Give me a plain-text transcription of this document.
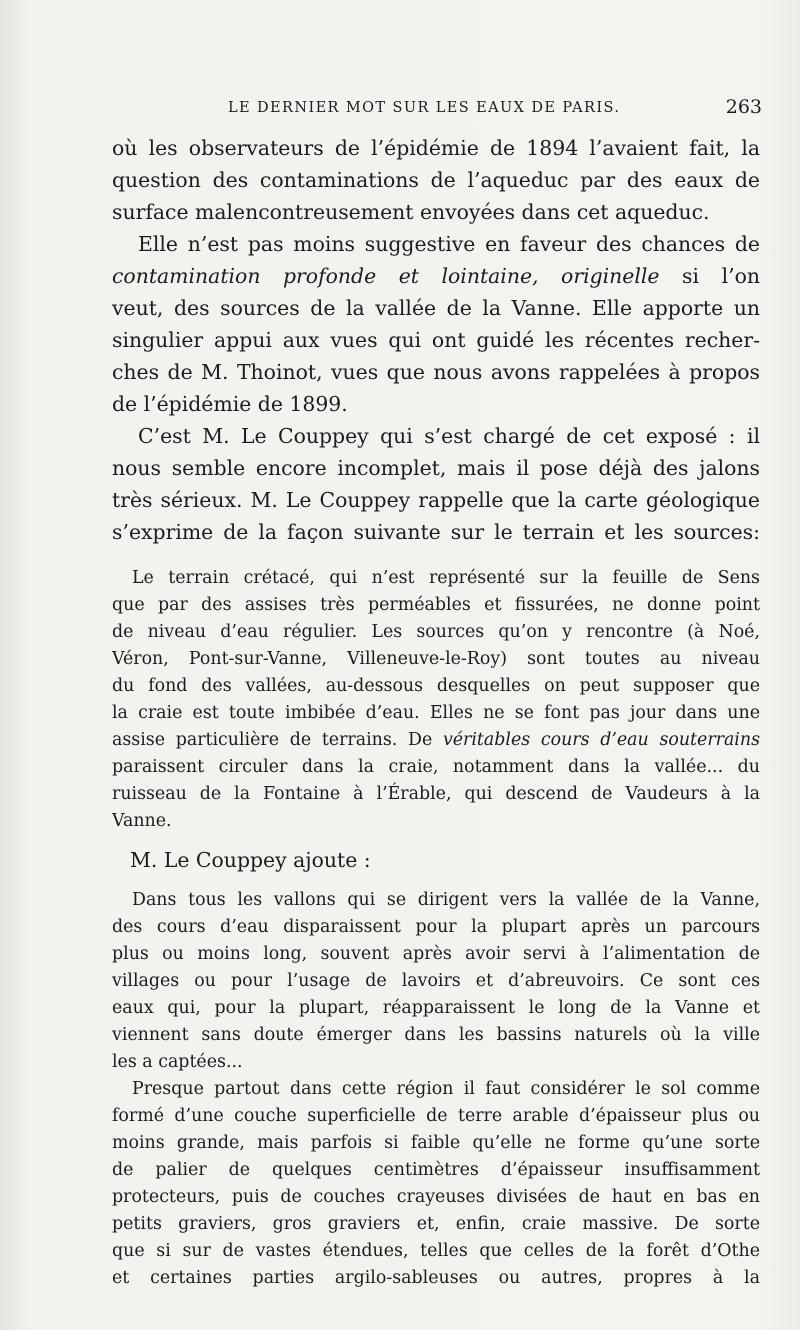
LE DERNIER MOT SUR LES EAUX DE PARIS.	263
où les observateurs de l’épidémie de 1894 l’avaient fait, la
question des contaminations de l’aqueduc par des eaux de
surface malencontreusement envoyées dans cet aqueduc.
Elle n’est pas moins suggestive en faveur des chances de
contamination profonde et lointaine, originelle si l’on
veut, des sources de la vallée de la Vanne. Elle apporte un
singulier appui aux vues qui ont guidé les récentes recher-
ches de M. Thoinot, vues que nous avons rappelées à propos
de l’épidémie de 1899.
C’est M. Le Couppey qui s’est chargé de cet exposé : il
nous semble encore incomplet, mais il pose déjà des jalons
très sérieux. M. Le Couppey rappelle que la carte géologique
s’exprime de la façon suivante sur le terrain et les sources:
Le terrain crétacé, qui n’est représenté sur la feuille de Sens
que par des assises très perméables et fissurées, ne donne point
de niveau d’eau régulier. Les sources qu’on y rencontre (à Noé,
Véron, Pont-sur-Vanne, Villeneuve-le-Roy) sont toutes au niveau
du fond des vallées, au-dessous desquelles on peut supposer que
la craie est toute imbibée d’eau. Elles ne se font pas jour dans une
assise particulière de terrains. De véritables cours d’eau souterrains
paraissent circuler dans la craie, notamment dans la vallée... du
ruisseau de la Fontaine à l’Érable, qui descend de Vaudeurs à la
Vanne.
M. Le Couppey ajoute :
Dans tous les vallons qui se dirigent vers la vallée de la Vanne,
des cours d’eau disparaissent pour la plupart après un parcours
plus ou moins long, souvent après avoir servi à l’alimentation de
villages ou pour l’usage de lavoirs et d’abreuvoirs. Ce sont ces
eaux qui, pour la plupart, réapparaissent le long de la Vanne et
viennent sans doute émerger dans les bassins naturels où la ville
les a captées...
Presque partout dans cette région il faut considérer le sol comme
formé d’une couche superficielle de terre arable d’épaisseur plus ou
moins grande, mais parfois si faible qu’elle ne forme qu’une sorte
de palier de quelques centimètres d’épaisseur insuffisamment
protecteurs, puis de couches crayeuses divisées de haut en bas en
petits graviers, gros graviers et, enfin, craie massive. De sorte
que si sur de vastes étendues, telles que celles de la forêt d’Othe
et certaines parties argilo-sableuses ou autres, propres à la
